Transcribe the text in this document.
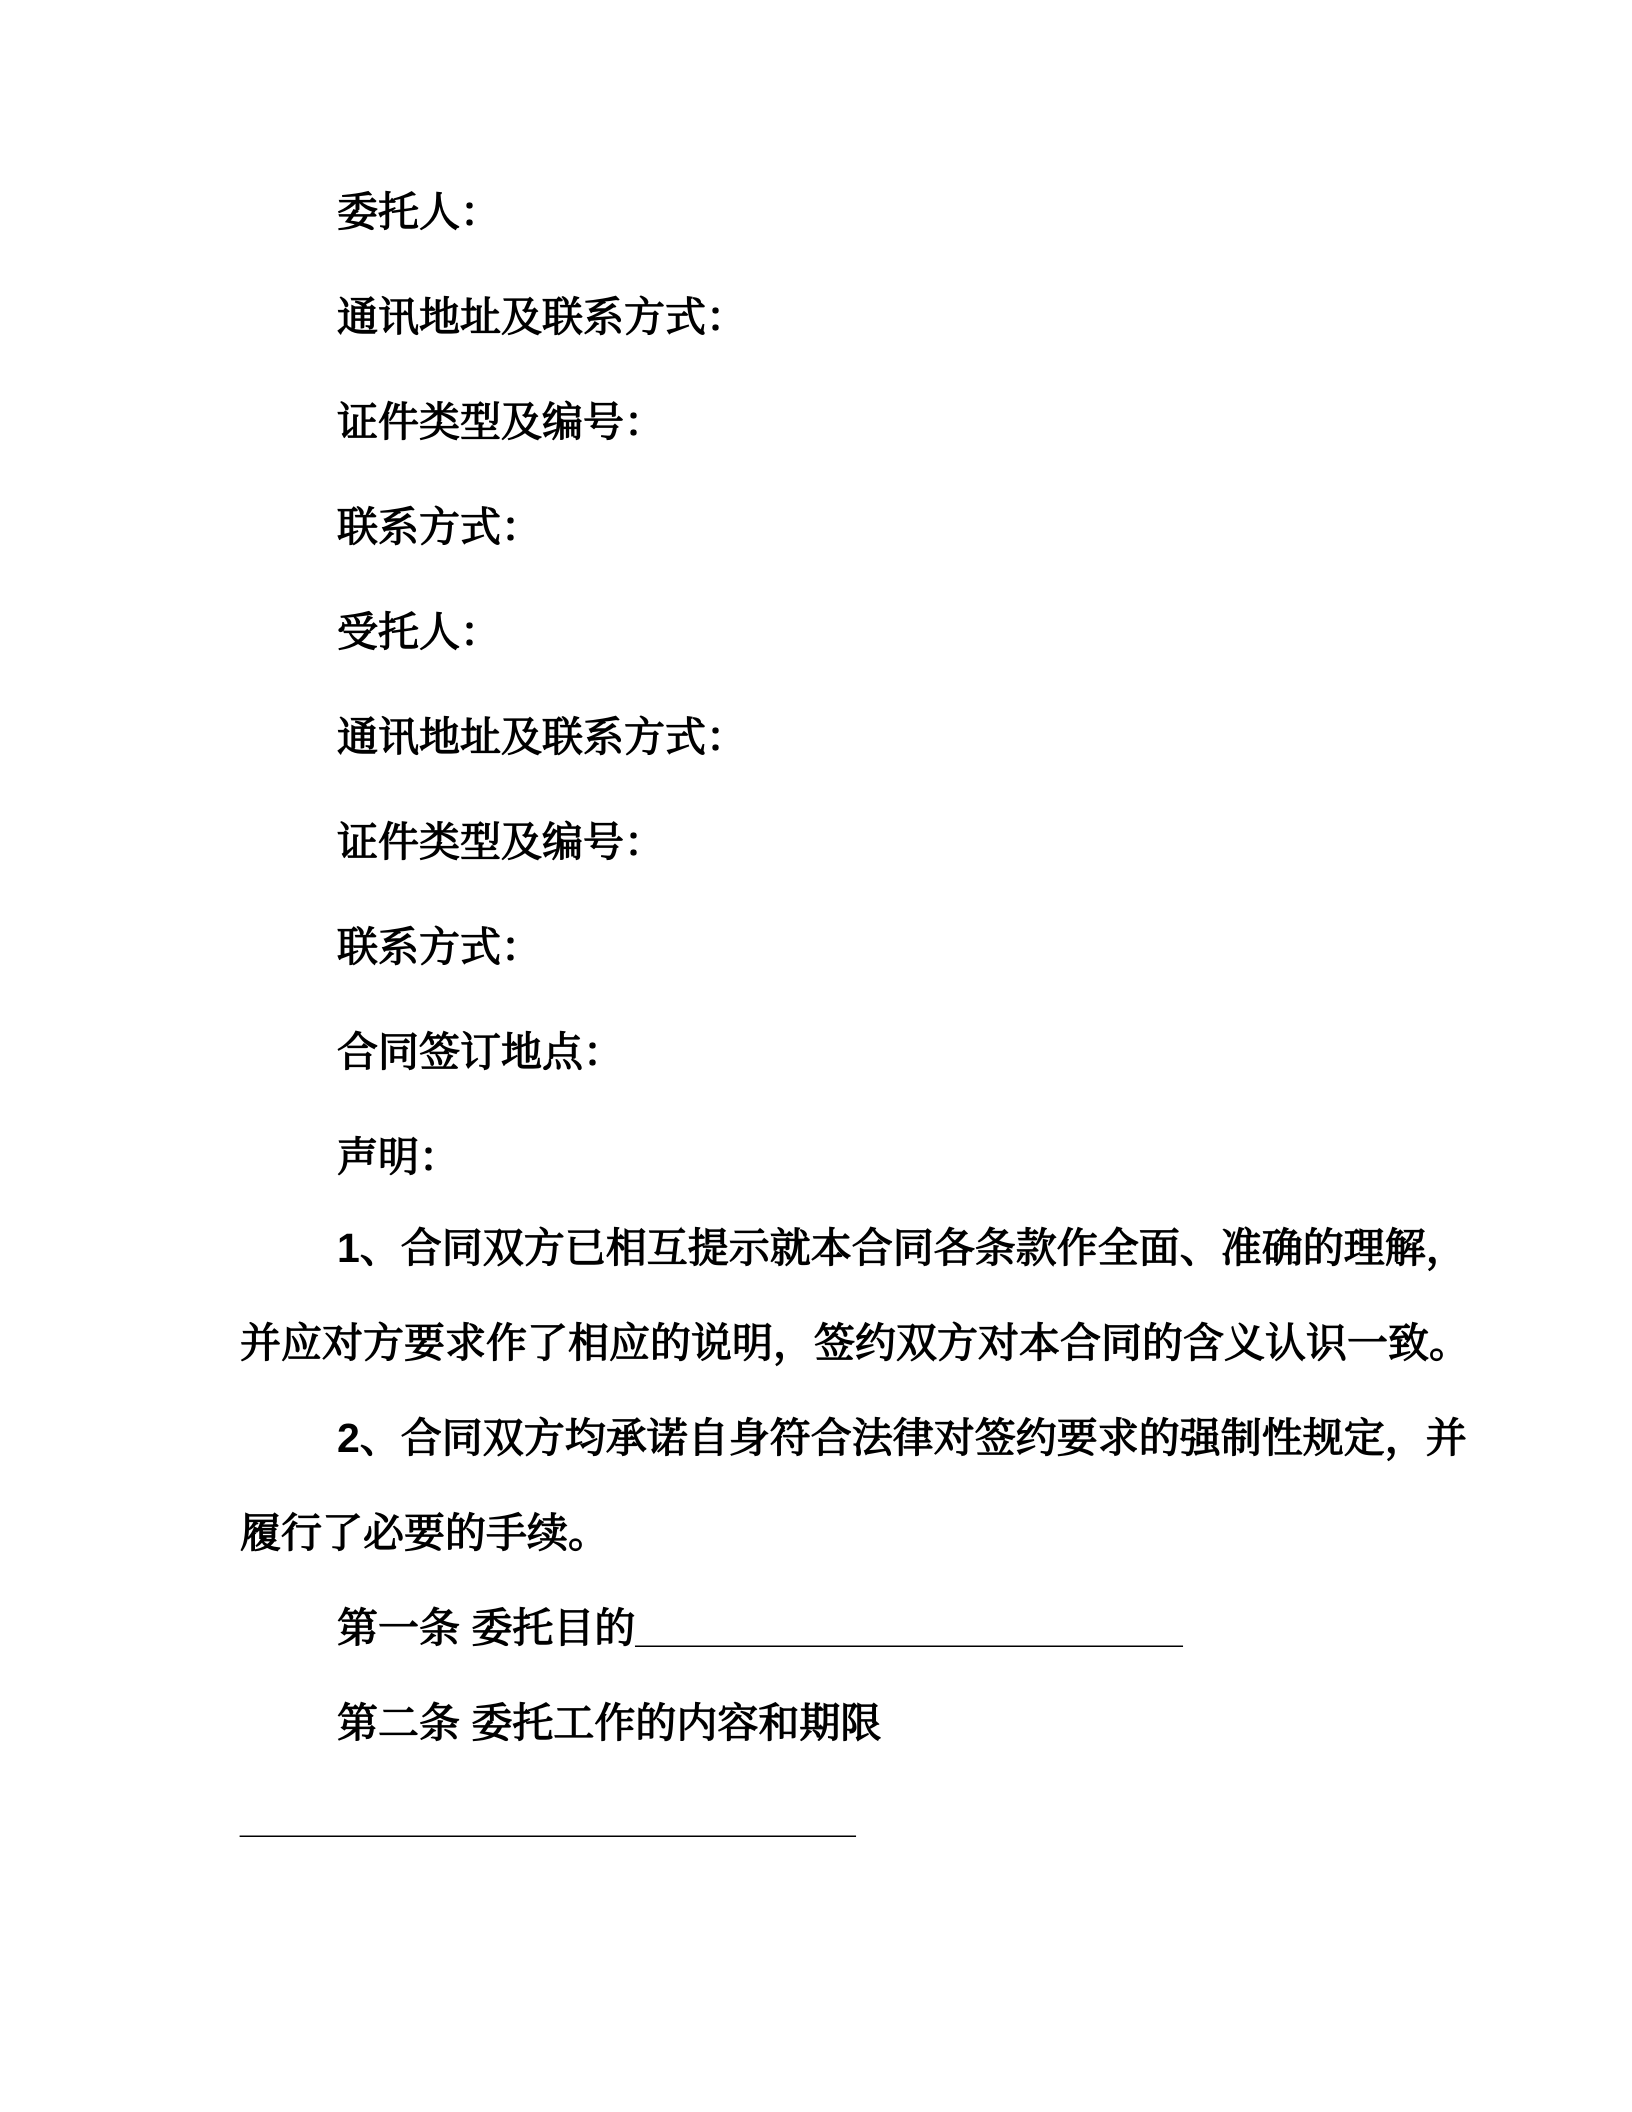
委托人：

通讯地址及联系方式：

证件类型及编号：

联系方式：

受托人：

通讯地址及联系方式：

证件类型及编号：

联系方式：

合同签订地点：

声明：

1、合同双方已相互提示就本合同各条款作全面、准确的理解，

并应对方要求作了相应的说明，签约双方对本合同的含义认识一致。

2、合同双方均承诺自身符合法律对签约要求的强制性规定，并

履行了必要的手续。

第一条 委托目的________________________

第二条 委托工作的内容和期限

___________________________
